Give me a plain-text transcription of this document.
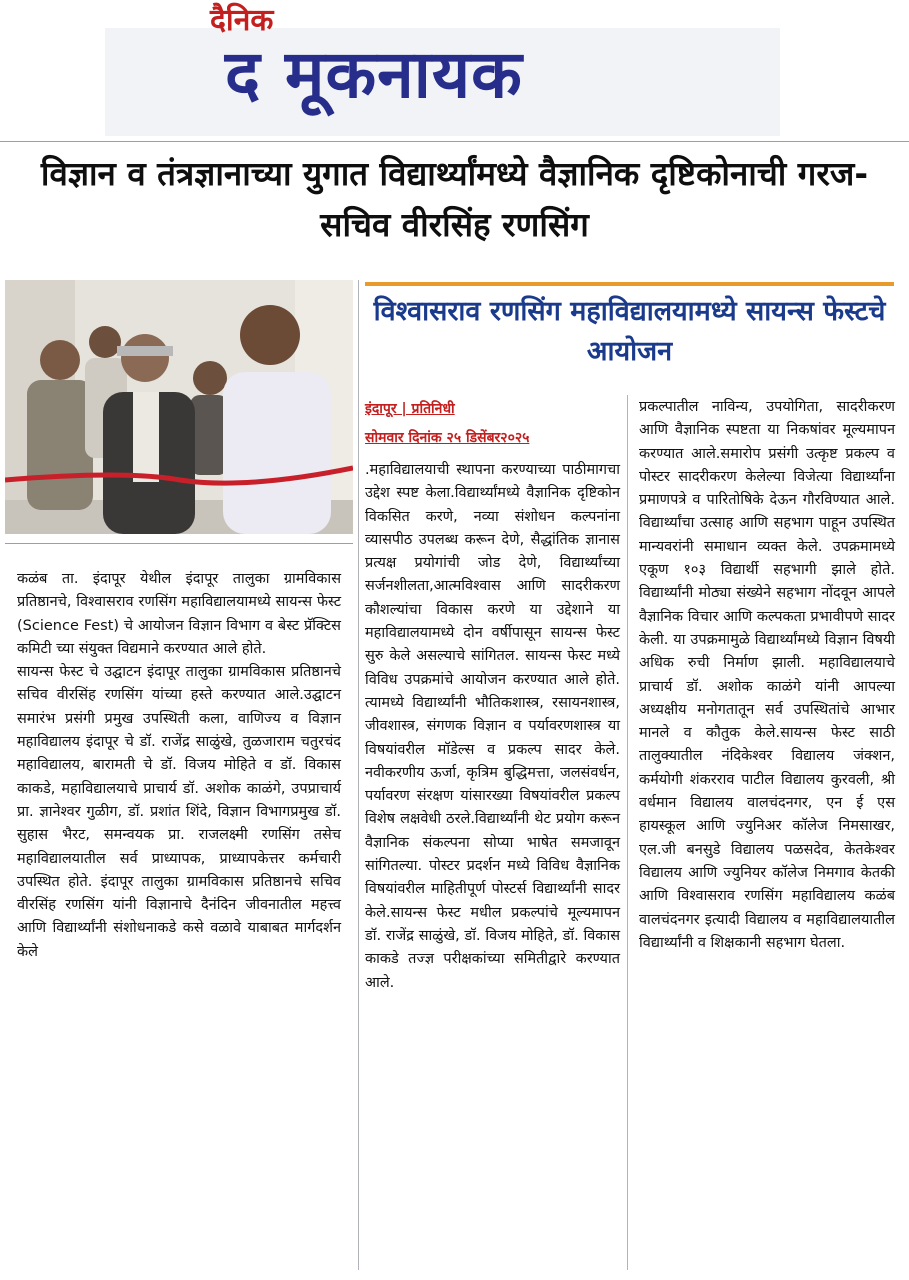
दैनिक
द मूकनायक
विज्ञान व तंत्रज्ञानाच्या युगात विद्यार्थ्यांमध्ये वैज्ञानिक दृष्टिकोनाची गरज- सचिव वीरसिंह रणसिंग
विश्वासराव रणसिंग महाविद्यालयामध्ये सायन्स फेस्टचे आयोजन
इंदापूर | प्रतिनिधी
सोमवार दिनांक २५ डिसेंबर२०२५

कळंब ता. इंदापूर येथील इंदापूर तालुका ग्रामविकास प्रतिष्ठानचे, विश्वासराव रणसिंग महाविद्यालयामध्ये सायन्स फेस्ट (Science Fest) चे आयोजन विज्ञान विभाग व बेस्ट प्रॅक्टिस कमिटी च्या संयुक्त विद्यमाने करण्यात आले होते.

सायन्स फेस्ट चे उद्घाटन इंदापूर तालुका ग्रामविकास प्रतिष्ठानचे सचिव वीरसिंह रणसिंग यांच्या हस्ते करण्यात आले.उद्घाटन समारंभ प्रसंगी प्रमुख उपस्थिती कला, वाणिज्य व विज्ञान महाविद्यालय इंदापूर चे डॉ. राजेंद्र साळुंखे, तुळजाराम चतुरचंद महाविद्यालय, बारामती चे डॉ. विजय मोहिते व डॉ. विकास काकडे, महाविद्यालयाचे प्राचार्य डॉ. अशोक काळंगे, उपप्राचार्य प्रा. ज्ञानेश्वर गुळीग, डॉ. प्रशांत शिंदे, विज्ञान विभागप्रमुख डॉ. सुहास भैरट, समन्वयक प्रा. राजलक्ष्मी रणसिंग तसेच महाविद्यालयातील सर्व प्राध्यापक, प्राध्यापकेत्तर कर्मचारी उपस्थित होते. इंदापूर तालुका ग्रामविकास प्रतिष्ठानचे सचिव वीरसिंह रणसिंग यांनी विज्ञानाचे दैनंदिन जीवनातील महत्त्व आणि विद्यार्थ्यांनी संशोधनाकडे कसे वळावे याबाबत मार्गदर्शन केले

.महाविद्यालयाची स्थापना करण्याच्या पाठीमागचा उद्देश स्पष्ट केला.विद्यार्थ्यांमध्ये वैज्ञानिक दृष्टिकोन विकसित करणे, नव्या संशोधन कल्पनांना व्यासपीठ उपलब्ध करून देणे, सैद्धांतिक ज्ञानास प्रत्यक्ष प्रयोगांची जोड देणे, विद्यार्थ्यांच्या सर्जनशीलता,आत्मविश्वास आणि सादरीकरण कौशल्यांचा विकास करणे या उद्देशाने या महाविद्यालयामध्ये दोन वर्षीपासून सायन्स फेस्ट सुरु केले असल्याचे सांगितल. सायन्स फेस्ट मध्ये विविध उपक्रमांचे आयोजन करण्यात आले होते. त्यामध्ये विद्यार्थ्यांनी भौतिकशास्त्र, रसायनशास्त्र, जीवशास्त्र, संगणक विज्ञान व पर्यावरणशास्त्र या विषयांवरील मॉडेल्स व प्रकल्प सादर केले. नवीकरणीय ऊर्जा, कृत्रिम बुद्धिमत्ता, जलसंवर्धन, पर्यावरण संरक्षण यांसारख्या विषयांवरील प्रकल्प विशेष लक्षवेधी ठरले.विद्यार्थ्यांनी थेट प्रयोग करून वैज्ञानिक संकल्पना सोप्या भाषेत समजावून सांगितल्या. पोस्टर प्रदर्शन मध्ये विविध वैज्ञानिक विषयांवरील माहितीपूर्ण पोस्टर्स विद्यार्थ्यांनी सादर केले.सायन्स फेस्ट मधील प्रकल्पांचे मूल्यमापन डॉ. राजेंद्र साळुंखे, डॉ. विजय मोहिते, डॉ. विकास काकडे तज्ज्ञ परीक्षकांच्या समितीद्वारे करण्यात आले.

प्रकल्पातील नाविन्य, उपयोगिता, सादरीकरण आणि वैज्ञानिक स्पष्टता या निकषांवर मूल्यमापन करण्यात आले.समारोप प्रसंगी उत्कृष्ट प्रकल्प व पोस्टर सादरीकरण केलेल्या विजेत्या विद्यार्थ्यांना प्रमाणपत्रे व पारितोषिके देऊन गौरविण्यात आले. विद्यार्थ्यांचा उत्साह आणि सहभाग पाहून उपस्थित मान्यवरांनी समाधान व्यक्त केले. उपक्रमामध्ये एकूण १०३ विद्यार्थी सहभागी झाले होते. विद्यार्थ्यांनी मोठ्या संख्येने सहभाग नोंदवून आपले वैज्ञानिक विचार आणि कल्पकता प्रभावीपणे सादर केली. या उपक्रमामुळे विद्यार्थ्यांमध्ये विज्ञान विषयी अधिक रुची निर्माण झाली. महाविद्यालयाचे प्राचार्य डॉ. अशोक काळंगे यांनी आपल्या अध्यक्षीय मनोगतातून सर्व उपस्थितांचे आभार मानले व कौतुक केले.सायन्स फेस्ट साठी तालुक्यातील नंदिकेश्वर विद्यालय जंक्शन, कर्मयोगी शंकरराव पाटील विद्यालय कुरवली, श्री वर्धमान विद्यालय वालचंदनगर, एन ई एस हायस्कूल आणि ज्युनिअर कॉलेज निमसाखर, एल.जी बनसुडे विद्यालय पळसदेव, केतकेश्वर विद्यालय आणि ज्युनियर कॉलेज निमगाव केतकी आणि विश्वासराव रणसिंग महाविद्यालय कळंब वालचंदनगर इत्यादी विद्यालय व महाविद्यालयातील विद्यार्थ्यांनी व शिक्षकानी सहभाग घेतला.
